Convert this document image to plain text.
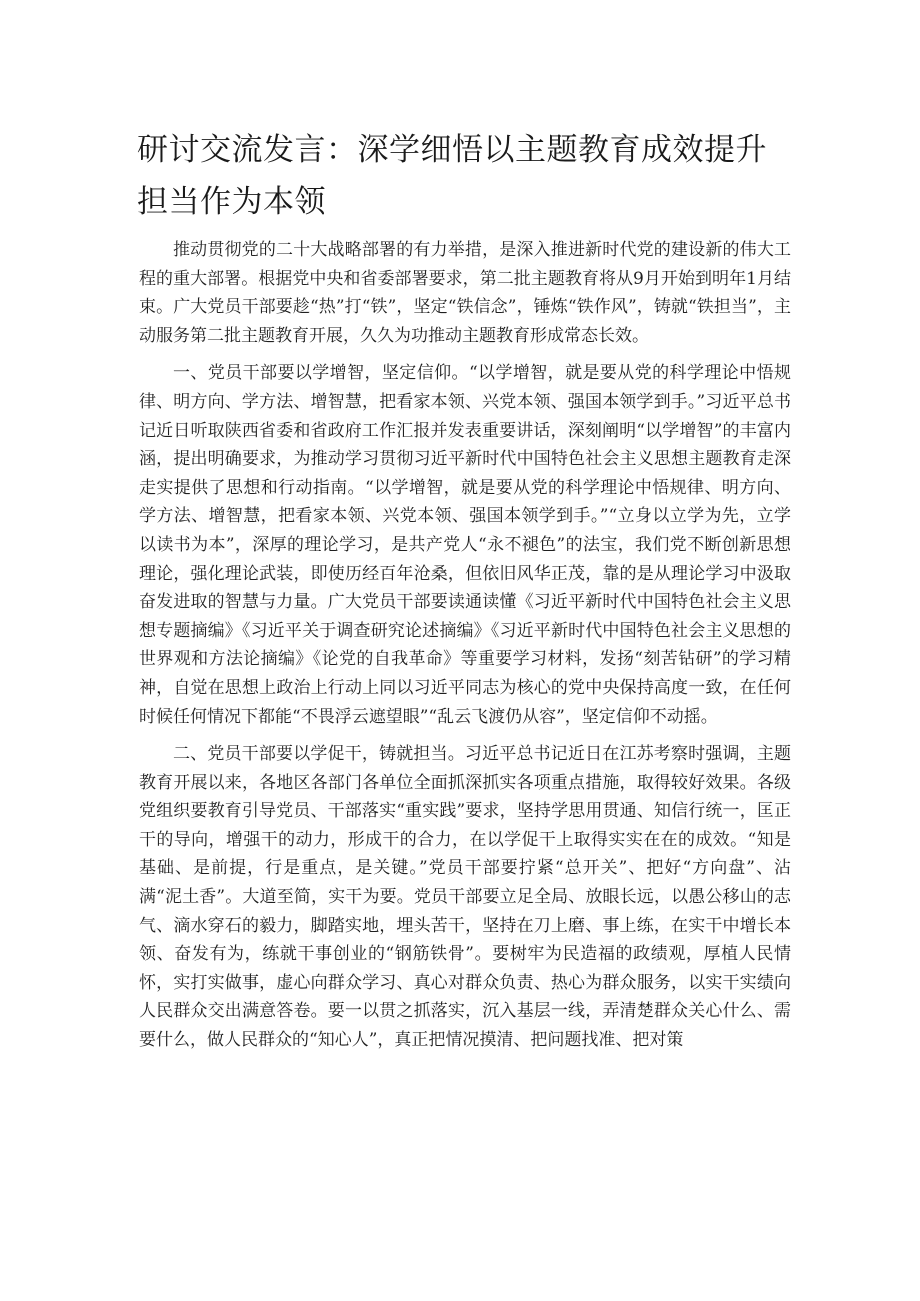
研讨交流发言：深学细悟以主题教育成效提升担当作为本领

推动贯彻党的二十大战略部署的有力举措，是深入推进新时代党的建设新的伟大工程的重大部署。根据党中央和省委部署要求，第二批主题教育将从9月开始到明年1月结束。广大党员干部要趁“热”打“铁”，坚定“铁信念”，锤炼“铁作风”，铸就“铁担当”，主动服务第二批主题教育开展，久久为功推动主题教育形成常态长效。

一、党员干部要以学增智，坚定信仰。“以学增智，就是要从党的科学理论中悟规律、明方向、学方法、增智慧，把看家本领、兴党本领、强国本领学到手。”习近平总书记近日听取陕西省委和省政府工作汇报并发表重要讲话，深刻阐明“以学增智”的丰富内涵，提出明确要求，为推动学习贯彻习近平新时代中国特色社会主义思想主题教育走深走实提供了思想和行动指南。“以学增智，就是要从党的科学理论中悟规律、明方向、学方法、增智慧，把看家本领、兴党本领、强国本领学到手。”“立身以立学为先，立学以读书为本”，深厚的理论学习，是共产党人“永不褪色”的法宝，我们党不断创新思想理论，强化理论武装，即使历经百年沧桑，但依旧风华正茂，靠的是从理论学习中汲取奋发进取的智慧与力量。广大党员干部要读通读懂《习近平新时代中国特色社会主义思想专题摘编》《习近平关于调查研究论述摘编》《习近平新时代中国特色社会主义思想的世界观和方法论摘编》《论党的自我革命》等重要学习材料，发扬“刻苦钻研”的学习精神，自觉在思想上政治上行动上同以习近平同志为核心的党中央保持高度一致，在任何时候任何情况下都能“不畏浮云遮望眼”“乱云飞渡仍从容”，坚定信仰不动摇。

二、党员干部要以学促干，铸就担当。习近平总书记近日在江苏考察时强调，主题教育开展以来，各地区各部门各单位全面抓深抓实各项重点措施，取得较好效果。各级党组织要教育引导党员、干部落实“重实践”要求，坚持学思用贯通、知信行统一，匡正干的导向，增强干的动力，形成干的合力，在以学促干上取得实实在在的成效。“知是基础、是前提，行是重点，是关键。”党员干部要拧紧“总开关”、把好“方向盘”、沾满“泥土香”。大道至简，实干为要。党员干部要立足全局、放眼长远，以愚公移山的志气、滴水穿石的毅力，脚踏实地，埋头苦干，坚持在刀上磨、事上练，在实干中增长本领、奋发有为，练就干事创业的“钢筋铁骨”。要树牢为民造福的政绩观，厚植人民情怀，实打实做事，虚心向群众学习、真心对群众负责、热心为群众服务，以实干实绩向人民群众交出满意答卷。要一以贯之抓落实，沉入基层一线，弄清楚群众关心什么、需要什么，做人民群众的“知心人”，真正把情况摸清、把问题找准、把对策
